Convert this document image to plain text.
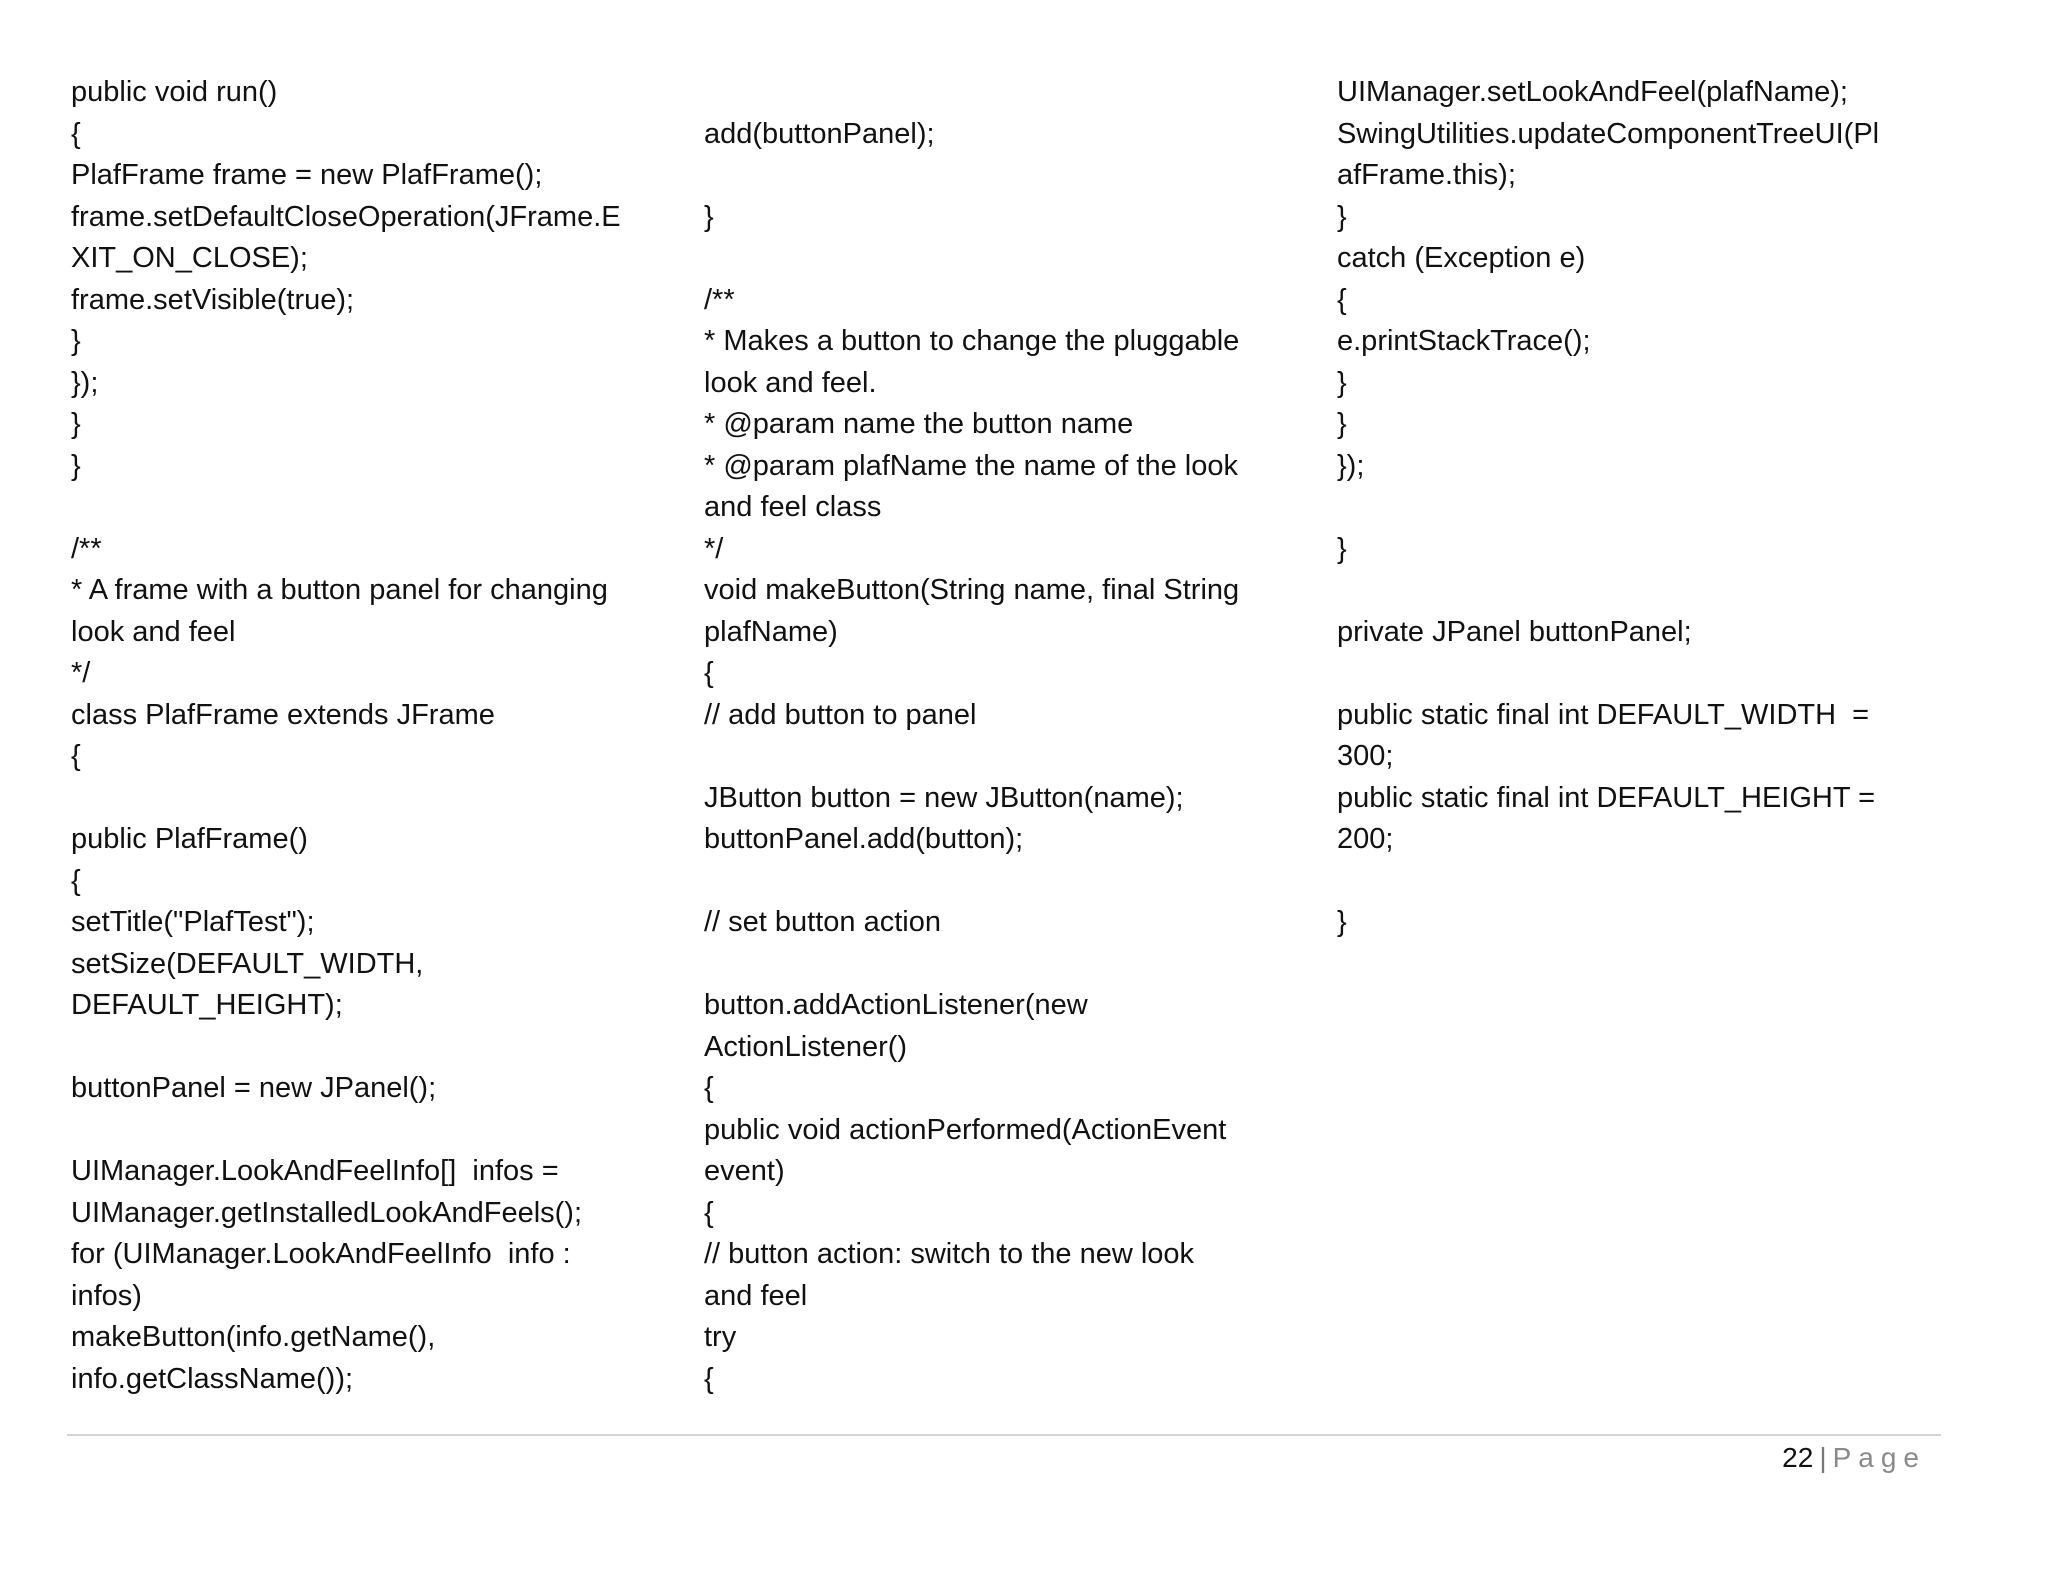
public void run()
{
PlafFrame frame = new PlafFrame();
frame.setDefaultCloseOperation(JFrame.E
XIT_ON_CLOSE);
frame.setVisible(true);
}
});
}
}
/**
* A frame with a button panel for changing
look and feel
*/
class PlafFrame extends JFrame
{
public PlafFrame()
{
setTitle("PlafTest");
setSize(DEFAULT_WIDTH,
DEFAULT_HEIGHT);
buttonPanel = new JPanel();
UIManager.LookAndFeelInfo[]  infos =
UIManager.getInstalledLookAndFeels();
for (UIManager.LookAndFeelInfo  info :
infos)
makeButton(info.getName(),
info.getClassName());
add(buttonPanel);
}
/**
* Makes a button to change the pluggable
look and feel.
* @param name the button name
* @param plafName the name of the look
and feel class
*/
void makeButton(String name, final String
plafName)
{
// add button to panel
JButton button = new JButton(name);
buttonPanel.add(button);
// set button action
button.addActionListener(new
ActionListener()
{
public void actionPerformed(ActionEvent
event)
{
// button action: switch to the new look
and feel
try
{
UIManager.setLookAndFeel(plafName);
SwingUtilities.updateComponentTreeUI(Pl
afFrame.this);
}
catch (Exception e)
{
e.printStackTrace();
}
}
});
}
private JPanel buttonPanel;
public static final int DEFAULT_WIDTH  =
300;
public static final int DEFAULT_HEIGHT =
200;
}
22 | Page
